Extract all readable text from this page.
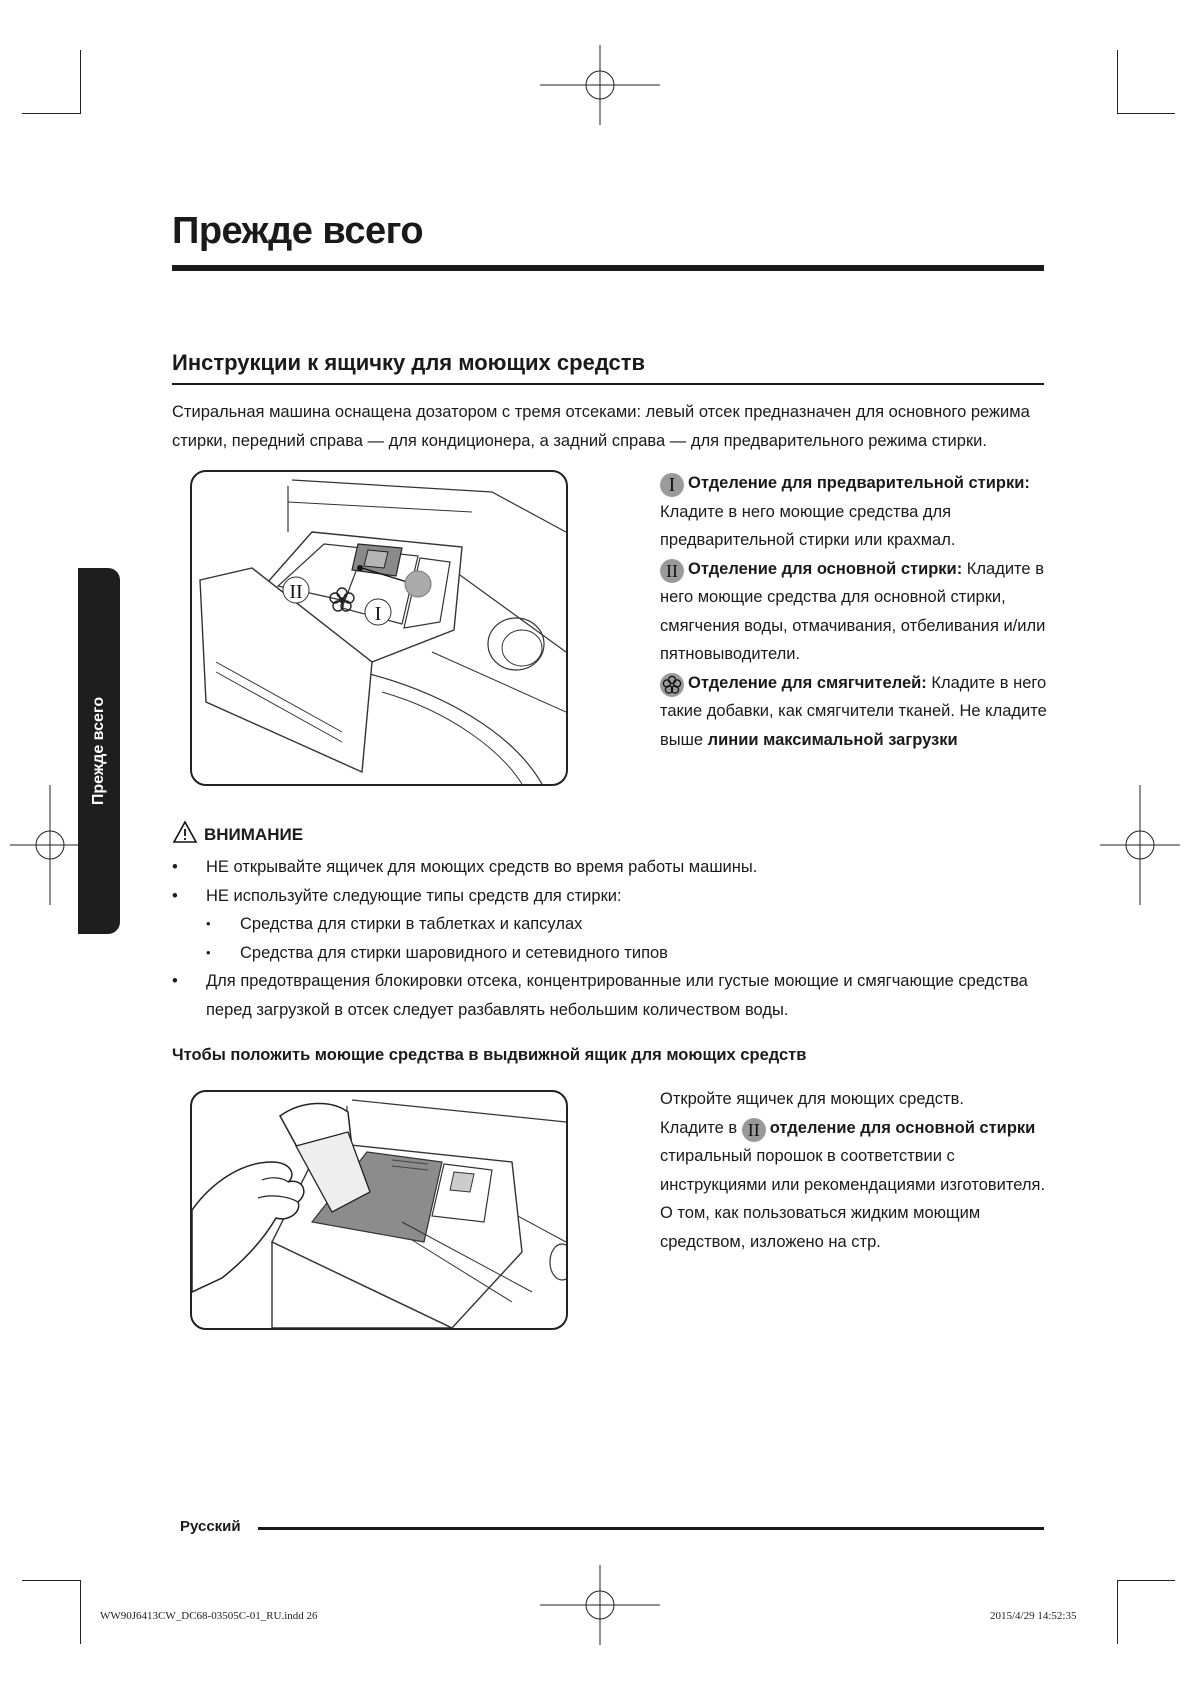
Прежде всего
Прежде всего
Инструкции к ящичку для моющих средств
Стиральная машина оснащена дозатором с тремя отсеками: левый отсек предназначен для основного режима стирки, передний справа — для кондиционера, а задний справа — для предварительного режима стирки.
II
I
I Отделение для предварительной стирки: Кладите в него моющие средства для предварительной стирки или крахмал.
II Отделение для основной стирки: Кладите в него моющие средства для основной стирки, смягчения воды, отмачивания, отбеливания и/или пятновыводители.
Отделение для смягчителей: Кладите в него такие добавки, как смягчители тканей. Не кладите выше линии максимальной загрузки
ВНИМАНИЕ
• НЕ открывайте ящичек для моющих средств во время работы машины.
• НЕ используйте следующие типы средств для стирки:
• Средства для стирки в таблетках и капсулах
• Средства для стирки шаровидного и сетевидного типов
• Для предотвращения блокировки отсека, концентрированные или густые моющие и смягчающие средства перед загрузкой в отсек следует разбавлять небольшим количеством воды.
Чтобы положить моющие средства в выдвижной ящик для моющих средств
Откройте ящичек для моющих средств.
Кладите в II отделение для основной стирки стиральный порошок в соответствии с инструкциями или рекомендациями изготовителя. О том, как пользоваться жидким моющим средством, изложено на стр.
Русский
WW90J6413CW_DC68-03505C-01_RU.indd 26	2015/4/29 14:52:35
